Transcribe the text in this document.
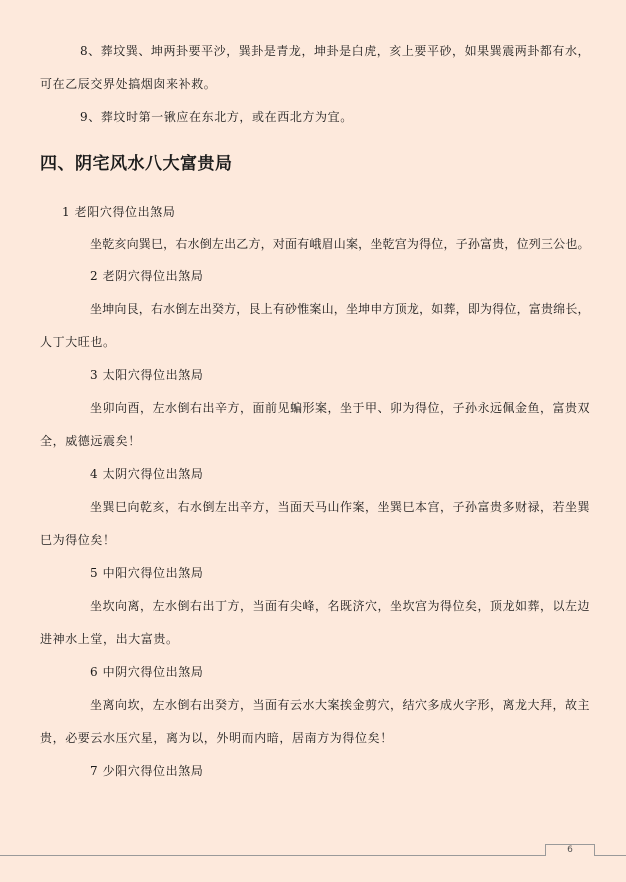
8 、 葬 坟 巽 、 坤 两 卦 要 平 沙 ， 巽 卦 是 青 龙 ， 坤 卦 是 白 虎 ， 亥 上 要 平 砂 ， 如 果 巽 震 两 卦 都 有 水 ，
可在乙辰交界处搞烟囱来补救。
9、葬坟时第一锹应在东北方，或在西北方为宜。
四、阴宅风水八大富贵局
1 老阳穴得位出煞局
坐 乾 亥 向 巽 巳 ， 右 水 倒 左 出 乙 方 ， 对 面 有 峨 眉 山 案 ， 坐 乾 宫 为 得 位 ， 子 孙 富 贵 ， 位 列 三 公 也 。
2 老阴穴得位出煞局
坐 坤 向 艮 ， 右 水 倒 左 出 癸 方 ， 艮 上 有 砂 惟 案 山 ， 坐 坤 申 方 顶 龙 ， 如 葬 ， 即 为 得 位 ， 富 贵 绵 长 ，
人丁大旺也。
3 太阳穴得位出煞局
坐 卯 向 酉 ， 左 水 倒 右 出 辛 方 ， 面 前 见 蝙 形 案 ， 坐 于 甲 、 卯 为 得 位 ， 子 孙 永 远 佩 金 鱼 ， 富 贵 双
全，威德远震矣！
4 太阴穴得位出煞局
坐 巽 巳 向 乾 亥 ， 右 水 倒 左 出 辛 方 ， 当 面 天 马 山 作 案 ， 坐 巽 巳 本 宫 ， 子 孙 富 贵 多 财 禄 ， 若 坐 巽
巳为得位矣！
5 中阳穴得位出煞局
坐 坎 向 离 ， 左 水 倒 右 出 丁 方 ， 当 面 有 尖 峰 ， 名 既 济 穴 ， 坐 坎 宫 为 得 位 矣 ， 顶 龙 如 葬 ， 以 左 边
进神水上堂，出大富贵。
6 中阴穴得位出煞局
坐 离 向 坎 ， 左 水 倒 右 出 癸 方 ， 当 面 有 云 水 大 案 挨 金 剪 穴 ， 结 穴 多 成 火 字 形 ， 离 龙 大 拜 ， 故 主
贵，必要云水压穴星，离为以，外明而内暗，居南方为得位矣！
7 少阳穴得位出煞局
6
